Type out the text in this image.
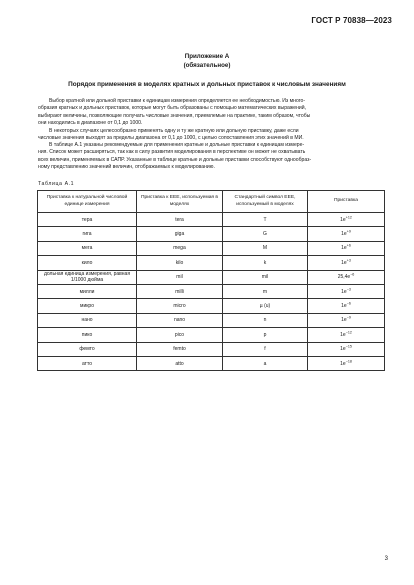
ГОСТ Р 70838—2023
Приложение А
(обязательное)
Порядок применения в моделях кратных и дольных приставок к числовым значениям
Выбор кратной или дольной приставки к единицам измерения определяется ее необходимостью. Из много-
образия кратных и дольных приставок, которые могут быть образованы с помощью математических выражений,
выбирают величины, позволяющие получать числовые значения, приемлемые на практике, таким образом, чтобы
они находились в диапазоне от 0,1 до 1000.
В некоторых случаях целесообразно применять одну и ту же кратную или дольную приставку, даже если
числовые значения выходят за пределы диапазона от 0,1 до 1000, с целью сопоставления этих значений в МИ.
В таблице А.1 указаны рекомендуемые для применения кратные и дольные приставки к единицам измере-
ния. Список может расширяться, так как в силу развития моделирования в перспективе он может не охватывать
всех величин, применяемых в САПР. Указанные в таблице кратные и дольные приставки способствуют однообраз-
ному представлению значений величин, отображаемых к моделированию.
Таблица А.1
Приставка к натуральной числовой единице измерения	Приставка к ЕЕЕ, используемая в моделях	Стандартный символ ЕЕЕ, используемый в моделях	Приставка
тера	tera	T	$1e^{+12}$
гига	giga	G	$1e^{+9}$
мега	mega	M	$1e^{+6}$
кило	kilo	k	$1e^{+3}$
дольная единица измерения, равная 1/1000 дюйма	mil	mil	$25,4e^{-6}$
милли	milli	m	$1e^{-3}$
микро	micro	µ (u)	$1e^{-6}$
нано	nano	n	$1e^{-9}$
пико	pico	p	$1e^{-12}$
фемто	femto	f	$1e^{-15}$
атто	atto	a	$1e^{-18}$
3
